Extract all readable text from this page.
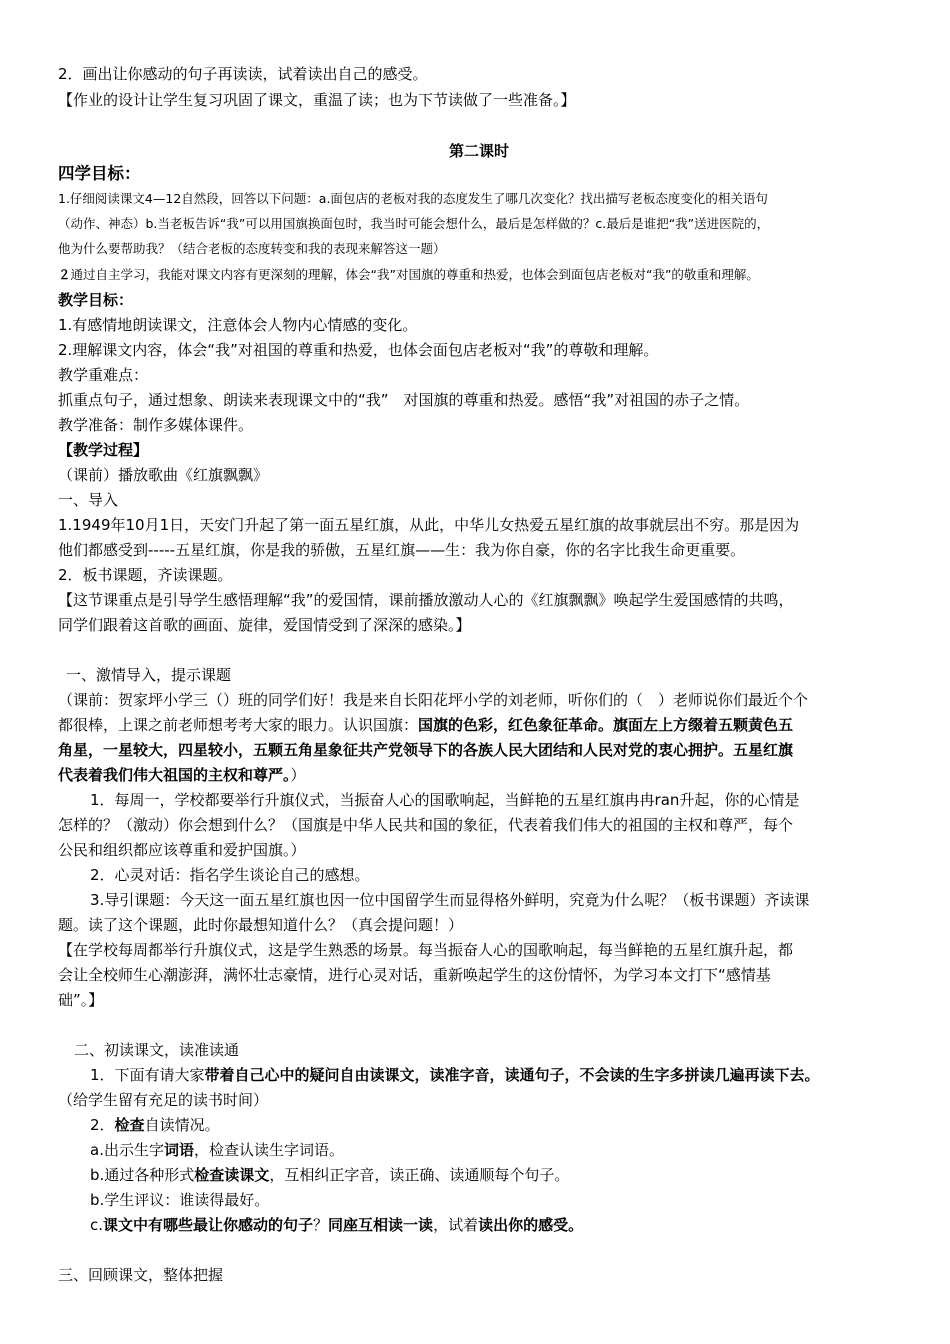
2．画出让你感动的句子再读读，试着读出自己的感受。
【作业的设计让学生复习巩固了课文，重温了读；也为下节读做了一些准备。】
第二课时
四学目标：
1.仔细阅读课文4—12自然段，回答以下问题：a.面包店的老板对我的态度发生了哪几次变化？找出描写老板态度变化的相关语句
（动作、神态）b.当老板告诉“我”可以用国旗换面包时，我当时可能会想什么，最后是怎样做的？c.最后是谁把“我”送进医院的，
他为什么要帮助我？（结合老板的态度转变和我的表现来解答这一题）
２通过自主学习，我能对课文内容有更深刻的理解，体会“我”对国旗的尊重和热爱，也体会到面包店老板对“我”的敬重和理解。
教学目标：
1.有感情地朗读课文，注意体会人物内心情感的变化。
2.理解课文内容，体会“我”对祖国的尊重和热爱，也体会面包店老板对“我”的尊敬和理解。
教学重难点：
抓重点句子，通过想象、朗读来表现课文中的“我”　对国旗的尊重和热爱。感悟“我”对祖国的赤子之情。
教学准备：制作多媒体课件。
【教学过程】
（课前）播放歌曲《红旗飘飘》
一、导入
1.1949年10月1日，天安门升起了第一面五星红旗，从此，中华儿女热爱五星红旗的故事就层出不穷。那是因为
他们都感受到-----五星红旗，你是我的骄傲，五星红旗——生：我为你自豪，你的名字比我生命更重要。
2．板书课题，齐读课题。
【这节课重点是引导学生感悟理解“我”的爱国情，课前播放激动人心的《红旗飘飘》唤起学生爱国感情的共鸣，
同学们跟着这首歌的画面、旋律，爱国情受到了深深的感染。】
一、激情导入，提示课题
（课前：贺家坪小学三（）班的同学们好！我是来自长阳花坪小学的刘老师，听你们的（　）老师说你们最近个个
都很棒，上课之前老师想考考大家的眼力。认识国旗：国旗的色彩，红色象征革命。旗面左上方缀着五颗黄色五
角星，一星较大，四星较小，五颗五角星象征共产党领导下的各族人民大团结和人民对党的衷心拥护。五星红旗
代表着我们伟大祖国的主权和尊严。）
1．每周一，学校都要举行升旗仪式，当振奋人心的国歌响起，当鲜艳的五星红旗冉冉ran升起，你的心情是
怎样的？（激动）你会想到什么？（国旗是中华人民共和国的象征，代表着我们伟大的祖国的主权和尊严，每个
公民和组织都应该尊重和爱护国旗。）
2．心灵对话：指名学生谈论自己的感想。
3.导引课题：今天这一面五星红旗也因一位中国留学生而显得格外鲜明，究竟为什么呢？（板书课题）齐读课
题。读了这个课题，此时你最想知道什么？（真会提问题！）
【在学校每周都举行升旗仪式，这是学生熟悉的场景。每当振奋人心的国歌响起，每当鲜艳的五星红旗升起，都
会让全校师生心潮澎湃，满怀壮志豪情，进行心灵对话，重新唤起学生的这份情怀，为学习本文打下“感情基
础”。】
二、初读课文，读准读通
1．下面有请大家带着自己心中的疑问自由读课文，读准字音，读通句子，不会读的生字多拼读几遍再读下去。
（给学生留有充足的读书时间）
2．检查自读情况。
a.出示生字词语，检查认读生字词语。
b.通过各种形式检查读课文，互相纠正字音，读正确、读通顺每个句子。
b.学生评议：谁读得最好。
c.课文中有哪些最让你感动的句子？同座互相读一读，试着读出你的感受。
三、回顾课文，整体把握
